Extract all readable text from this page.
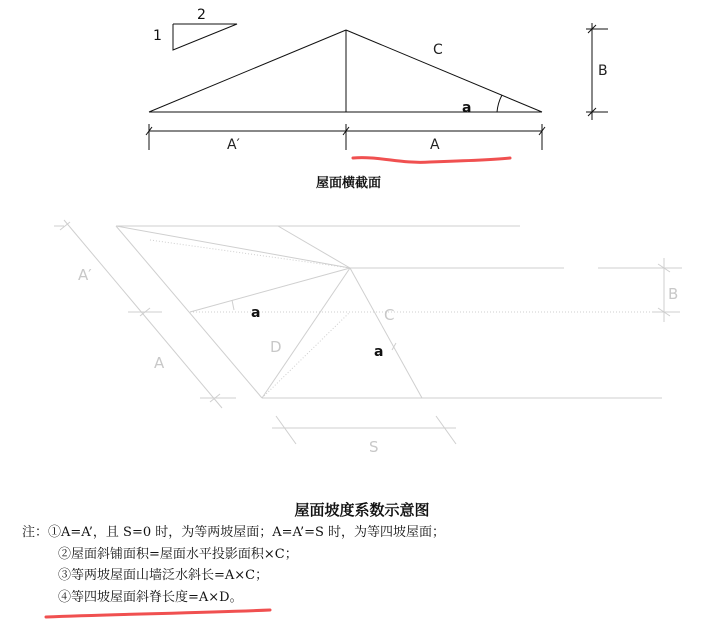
2
1
C
B
a
A′	A
A′
A
a
D
C
a
B
S
屋面横截面
屋面坡度系数示意图
注：①A=A’，且 S=0 时，为等两坡屋面；A=A’=S 时，为等四坡屋面；
②屋面斜铺面积=屋面水平投影面积×C；
③等两坡屋面山墙泛水斜长=A×C；
④等四坡屋面斜脊长度=A×D。
